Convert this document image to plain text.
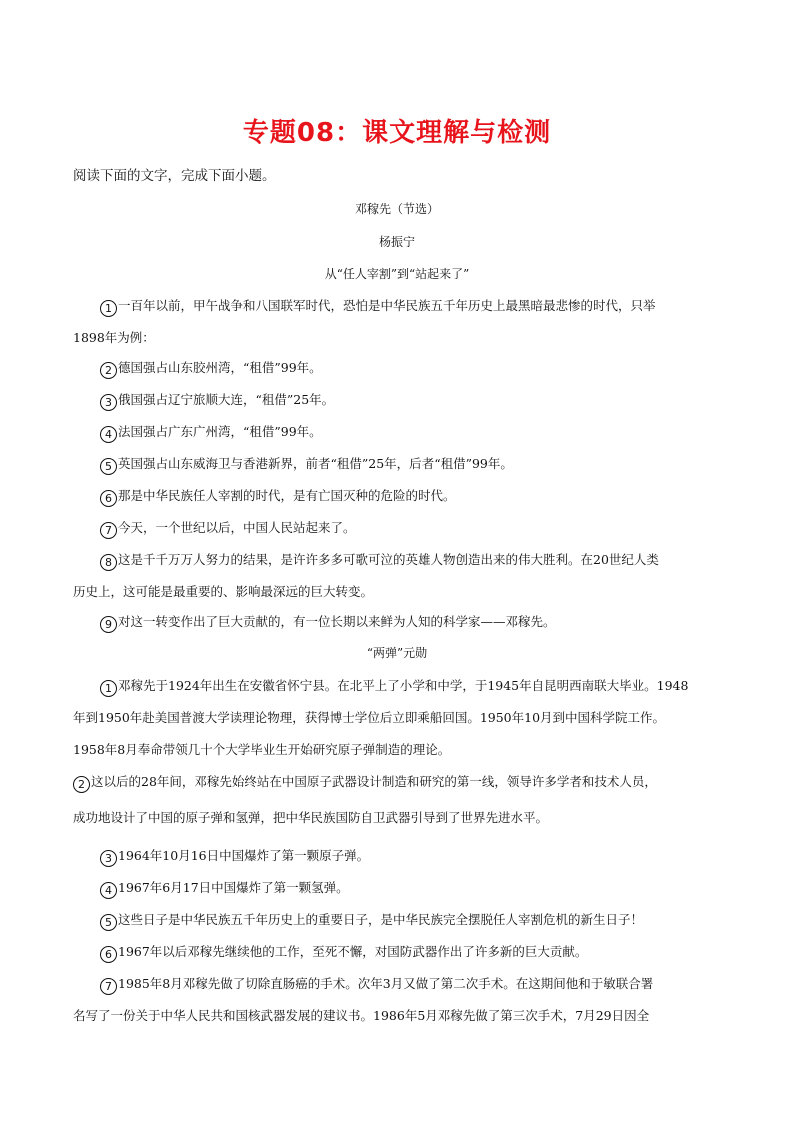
专题08：课文理解与检测
阅读下面的文字，完成下面小题。
邓稼先（节选）
杨振宁
从“任人宰割”到“站起来了”
1 一百年以前，甲午战争和八国联军时代，恐怕是中华民族五千年历史上最黑暗最悲惨的时代，只举
1898年为例：
2 德国强占山东胶州湾，“租借”99年。
3 俄国强占辽宁旅顺大连，“租借”25年。
4 法国强占广东广州湾，“租借”99年。
5 英国强占山东威海卫与香港新界，前者“租借”25年，后者“租借”99年。
6 那是中华民族任人宰割的时代，是有亡国灭种的危险的时代。
7 今天，一个世纪以后，中国人民站起来了。
8 这是千千万万人努力的结果，是许许多多可歌可泣的英雄人物创造出来的伟大胜利。在20世纪人类
历史上，这可能是最重要的、影响最深远的巨大转变。
9 对这一转变作出了巨大贡献的，有一位长期以来鲜为人知的科学家——邓稼先。
“两弹”元勋
1 邓稼先于1924年出生在安徽省怀宁县。在北平上了小学和中学，于1945年自昆明西南联大毕业。1948
年到1950年赴美国普渡大学读理论物理，获得博士学位后立即乘船回国。1950年10月到中国科学院工作。
1958年8月奉命带领几十个大学毕业生开始研究原子弹制造的理论。
2 这以后的28年间，邓稼先始终站在中国原子武器设计制造和研究的第一线，领导许多学者和技术人员，
成功地设计了中国的原子弹和氢弹，把中华民族国防自卫武器引导到了世界先进水平。
3 1964年10月16日中国爆炸了第一颗原子弹。
4 1967年6月17日中国爆炸了第一颗氢弹。
5 这些日子是中华民族五千年历史上的重要日子，是中华民族完全摆脱任人宰割危机的新生日子！
6 1967年以后邓稼先继续他的工作，至死不懈，对国防武器作出了许多新的巨大贡献。
7 1985年8月邓稼先做了切除直肠癌的手术。次年3月又做了第二次手术。在这期间他和于敏联合署
名写了一份关于中华人民共和国核武器发展的建议书。1986年5月邓稼先做了第三次手术，7月29日因全
